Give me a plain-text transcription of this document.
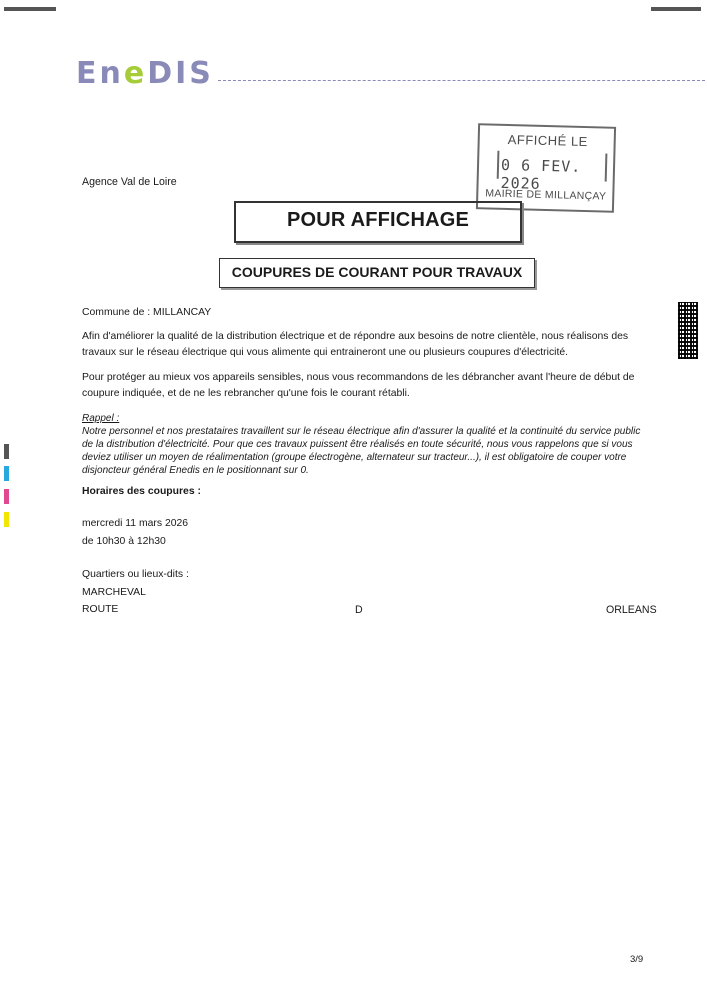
EneDIS
Agence Val de Loire
AFFICHÉ LE
0 6 FEV. 2026
MAIRIE DE MILLANÇAY
POUR AFFICHAGE
COUPURES DE COURANT POUR TRAVAUX
Commune de : MILLANCAY
Afin d'améliorer la qualité de la distribution électrique et de répondre aux besoins de notre clientèle, nous réalisons des travaux sur le réseau électrique qui vous alimente qui entraineront une ou plusieurs coupures d'électricité.
Pour protéger au mieux vos appareils sensibles, nous vous recommandons de les débrancher avant l'heure de début de coupure indiquée, et de ne les rebrancher qu'une fois le courant rétabli.
Rappel :
Notre personnel et nos prestataires travaillent sur le réseau électrique afin d'assurer la qualité et la continuité du service public de la distribution d'électricité. Pour que ces travaux puissent être réalisés en toute sécurité, nous vous rappelons que si vous deviez utiliser un moyen de réalimentation (groupe électrogène, alternateur sur tracteur...), il est obligatoire de couper votre disjoncteur général Enedis en le positionnant sur 0.
Horaires des coupures :
mercredi 11 mars 2026
de 10h30 à 12h30
Quartiers ou lieux-dits :
MARCHEVAL
ROUTE	D	ORLEANS
3/9
